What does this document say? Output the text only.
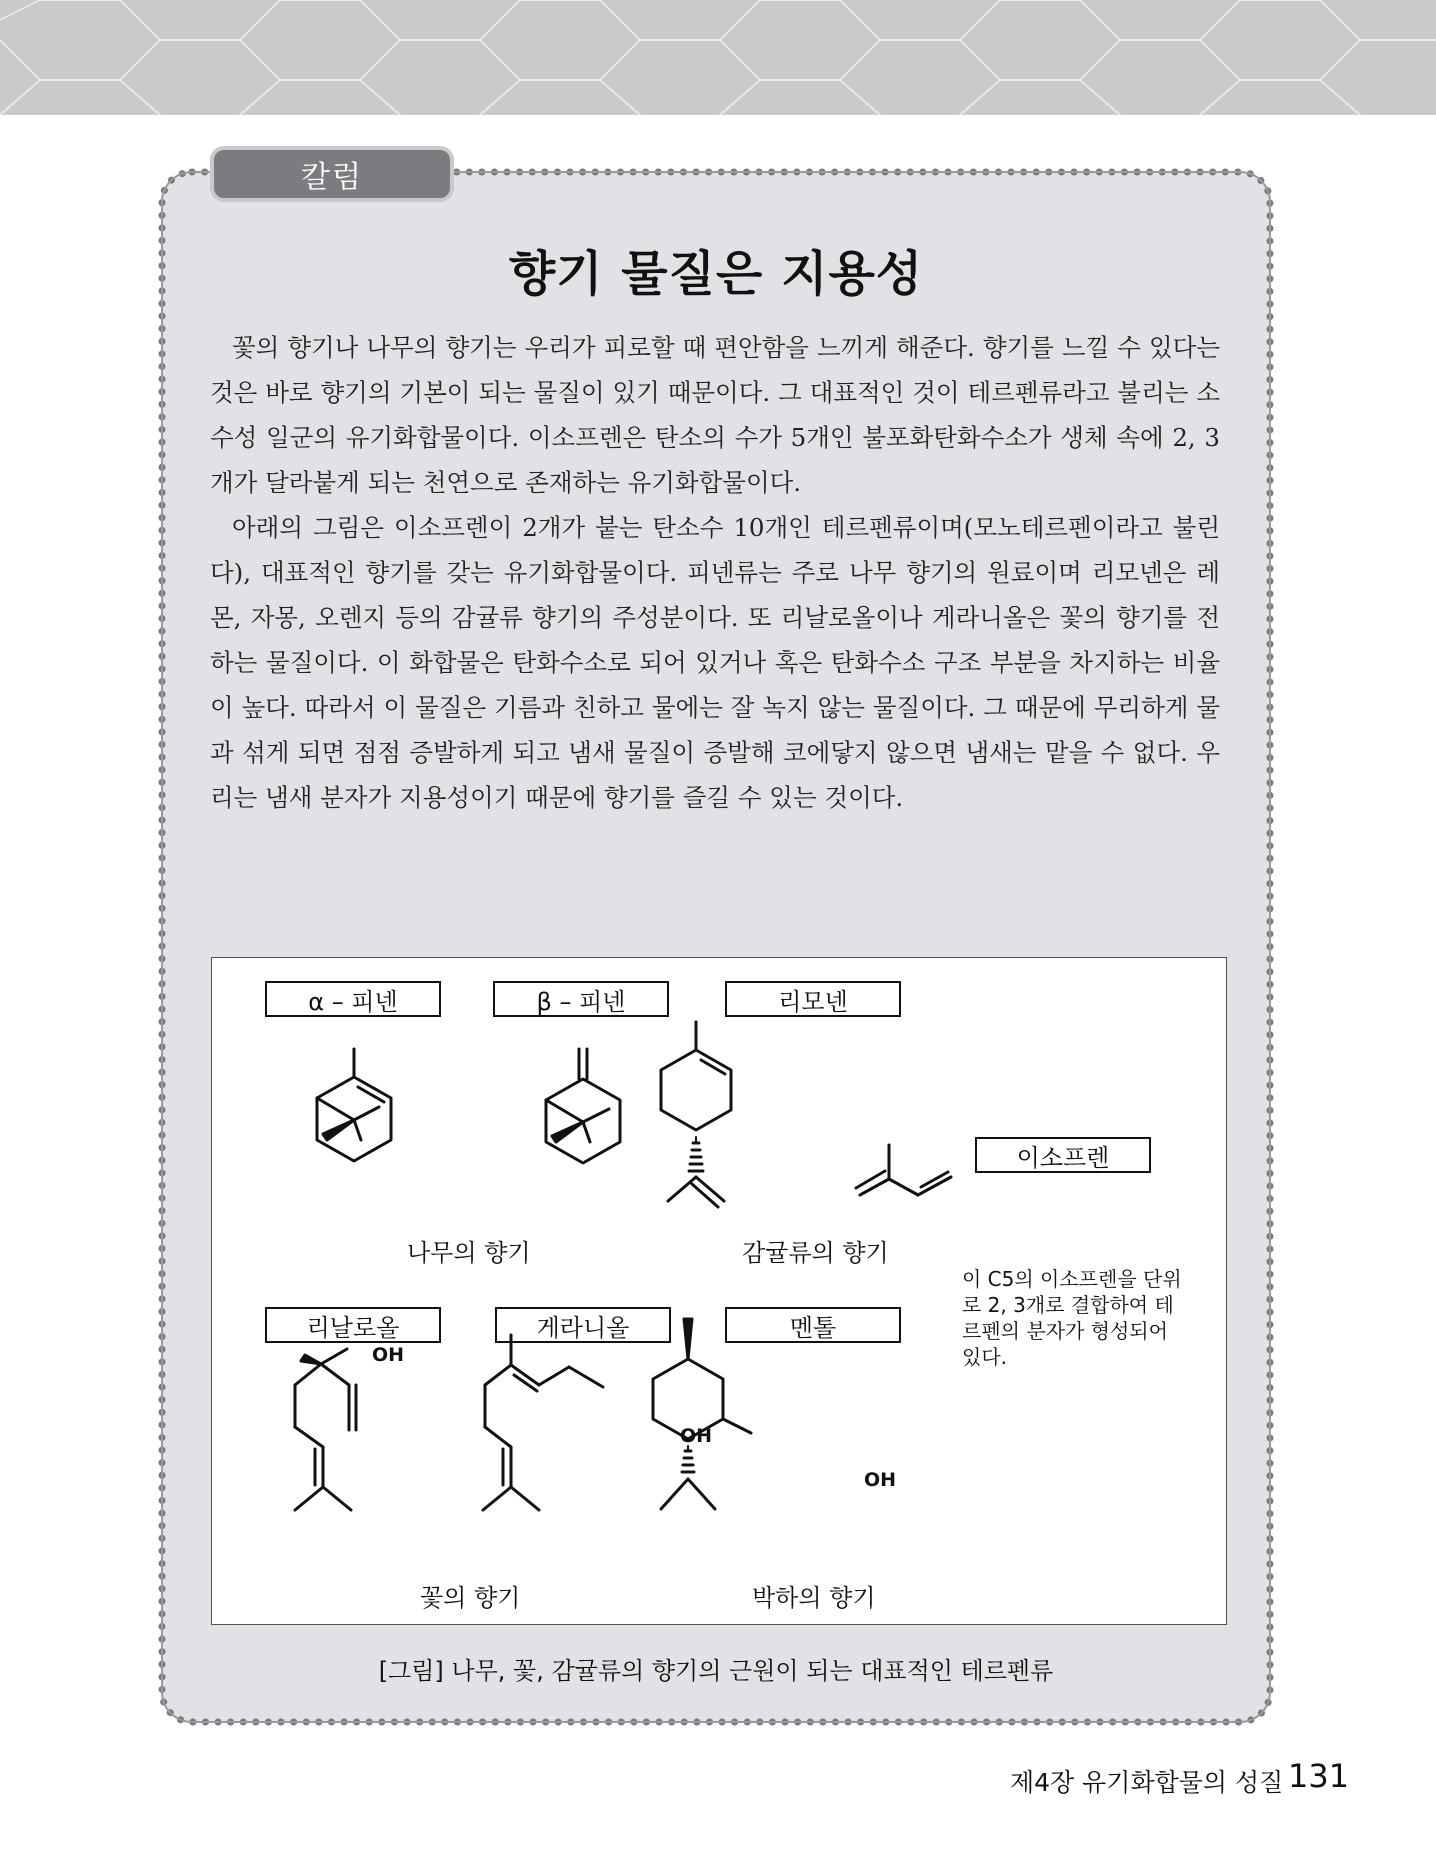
칼럼
향기 물질은 지용성

꽃의 향기나 나무의 향기는 우리가 피로할 때 편안함을 느끼게 해준다. 향기를 느낄 수 있다는 것은 바로 향기의 기본이 되는 물질이 있기 때문이다. 그 대표적인 것이 테르펜류라고 불리는 소수성 일군의 유기화합물이다. 이소프렌은 탄소의 수가 5개인 불포화탄화수소가 생체 속에 2, 3개가 달라붙게 되는 천연으로 존재하는 유기화합물이다.

아래의 그림은 이소프렌이 2개가 붙는 탄소수 10개인 테르펜류이며(모노테르펜이라고 불린다), 대표적인 향기를 갖는 유기화합물이다. 피넨류는 주로 나무 향기의 원료이며 리모넨은 레몬, 자몽, 오렌지 등의 감귤류 향기의 주성분이다. 또 리날로올이나 게라니올은 꽃의 향기를 전하는 물질이다. 이 화합물은 탄화수소로 되어 있거나 혹은 탄화수소 구조 부분을 차지하는 비율이 높다. 따라서 이 물질은 기름과 친하고 물에는 잘 녹지 않는 물질이다. 그 때문에 무리하게 물과 섞게 되면 점점 증발하게 되고 냄새 물질이 증발해 코에닿지 않으면 냄새는 맡을 수 없다. 우리는 냄새 분자가 지용성이기 때문에 향기를 즐길 수 있는 것이다.

α – 피넨	β – 피넨	리모넨
이소프렌
리날로올	게라니올	멘톨
OH
OH
OH
나무의 향기	감귤류의 향기
꽃의 향기	박하의 향기
이 C5의 이소프렌을 단위로 2, 3개로 결합하여 테르펜의 분자가 형성되어 있다.
[그림] 나무, 꽃, 감귤류의 향기의 근원이 되는 대표적인 테르펜류
제4장 유기화합물의 성질 131
